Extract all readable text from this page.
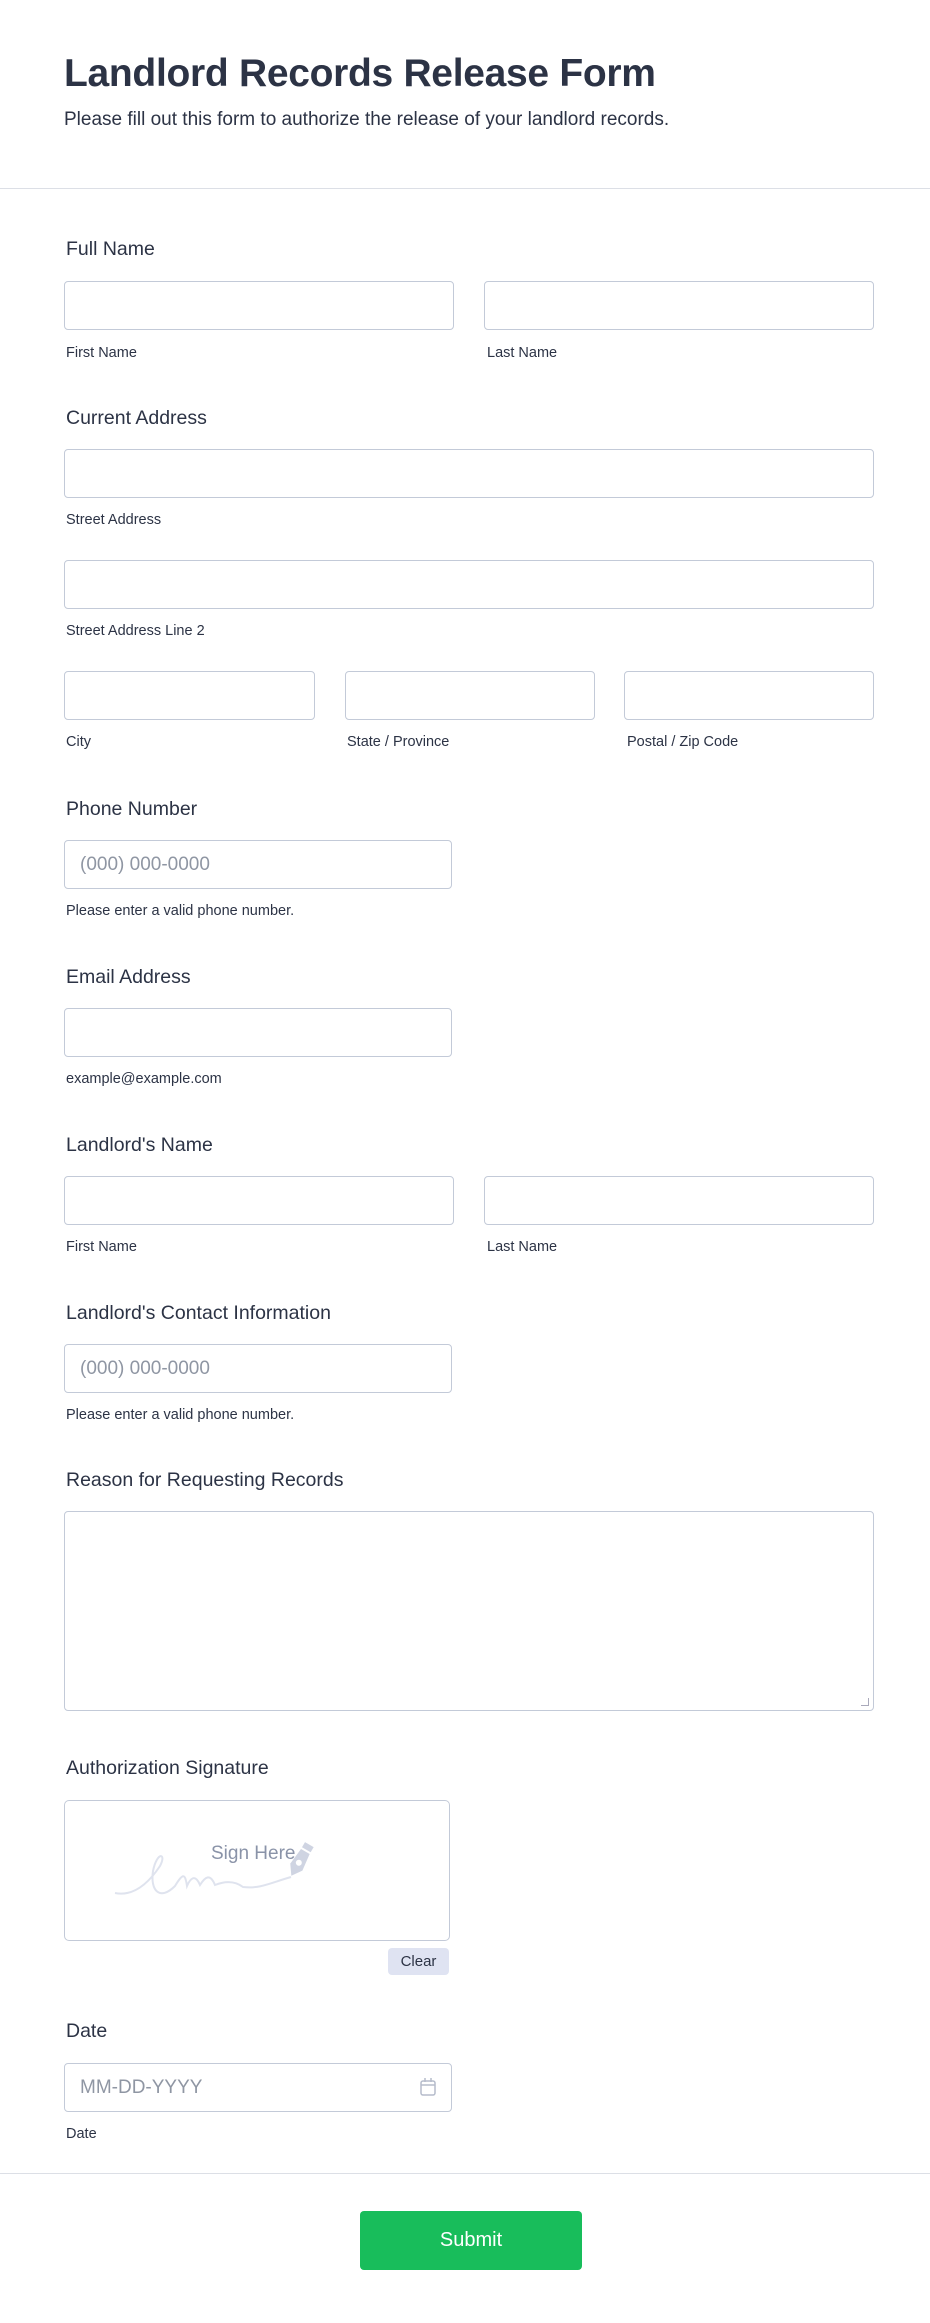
Landlord Records Release Form
Please fill out this form to authorize the release of your landlord records.
Full Name
First Name	Last Name
Current Address
Street Address
Street Address Line 2
City	State / Province	Postal / Zip Code
Phone Number
(000) 000-0000
Please enter a valid phone number.
Email Address
example@example.com
Landlord's Name
First Name	Last Name
Landlord's Contact Information
(000) 000-0000
Please enter a valid phone number.
Reason for Requesting Records
Authorization Signature
Sign Here
Clear
Date
MM-DD-YYYY
Date
Submit
